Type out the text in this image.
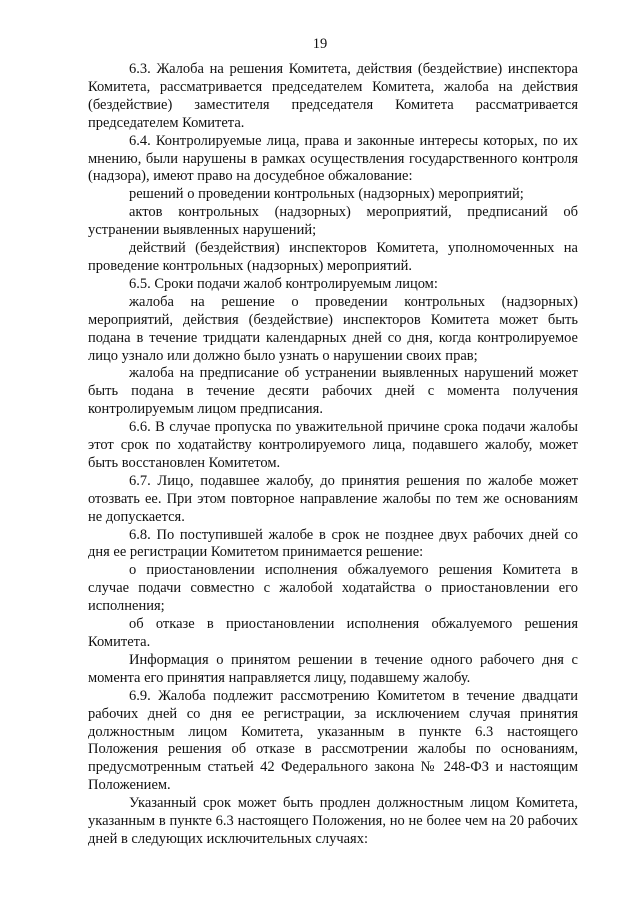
19

6.3. Жалоба на решения Комитета, действия (бездействие) инспектора Комитета, рассматривается председателем Комитета, жалоба на действия (бездействие) заместителя председателя Комитета рассматривается председателем Комитета.

6.4. Контролируемые лица, права и законные интересы которых, по их мнению, были нарушены в рамках осуществления государственного контроля (надзора), имеют право на досудебное обжалование:

решений о проведении контрольных (надзорных) мероприятий;

актов контрольных (надзорных) мероприятий, предписаний об устранении выявленных нарушений;

действий (бездействия) инспекторов Комитета, уполномоченных на проведение контрольных (надзорных) мероприятий.

6.5. Сроки подачи жалоб контролируемым лицом:

жалоба на решение о проведении контрольных (надзорных) мероприятий, действия (бездействие) инспекторов Комитета может быть подана в течение тридцати календарных дней со дня, когда контролируемое лицо узнало или должно было узнать о нарушении своих прав;

жалоба на предписание об устранении выявленных нарушений может быть подана в течение десяти рабочих дней с момента получения контролируемым лицом предписания.

6.6. В случае пропуска по уважительной причине срока подачи жалобы этот срок по ходатайству контролируемого лица, подавшего жалобу, может быть восстановлен Комитетом.

6.7. Лицо, подавшее жалобу, до принятия решения по жалобе может отозвать ее. При этом повторное направление жалобы по тем же основаниям не допускается.

6.8. По поступившей жалобе в срок не позднее двух рабочих дней со дня ее регистрации Комитетом принимается решение:

о приостановлении исполнения обжалуемого решения Комитета в случае подачи совместно с жалобой ходатайства о приостановлении его исполнения;

об отказе в приостановлении исполнения обжалуемого решения Комитета.

Информация о принятом решении в течение одного рабочего дня с момента его принятия направляется лицу, подавшему жалобу.

6.9. Жалоба подлежит рассмотрению Комитетом в течение двадцати рабочих дней со дня ее регистрации, за исключением случая принятия должностным лицом Комитета, указанным в пункте 6.3 настоящего Положения решения об отказе в рассмотрении жалобы по основаниям, предусмотренным статьей 42 Федерального закона № 248-ФЗ и настоящим Положением.

Указанный срок может быть продлен должностным лицом Комитета, указанным в пункте 6.3 настоящего Положения, но не более чем на 20 рабочих дней в следующих исключительных случаях:
